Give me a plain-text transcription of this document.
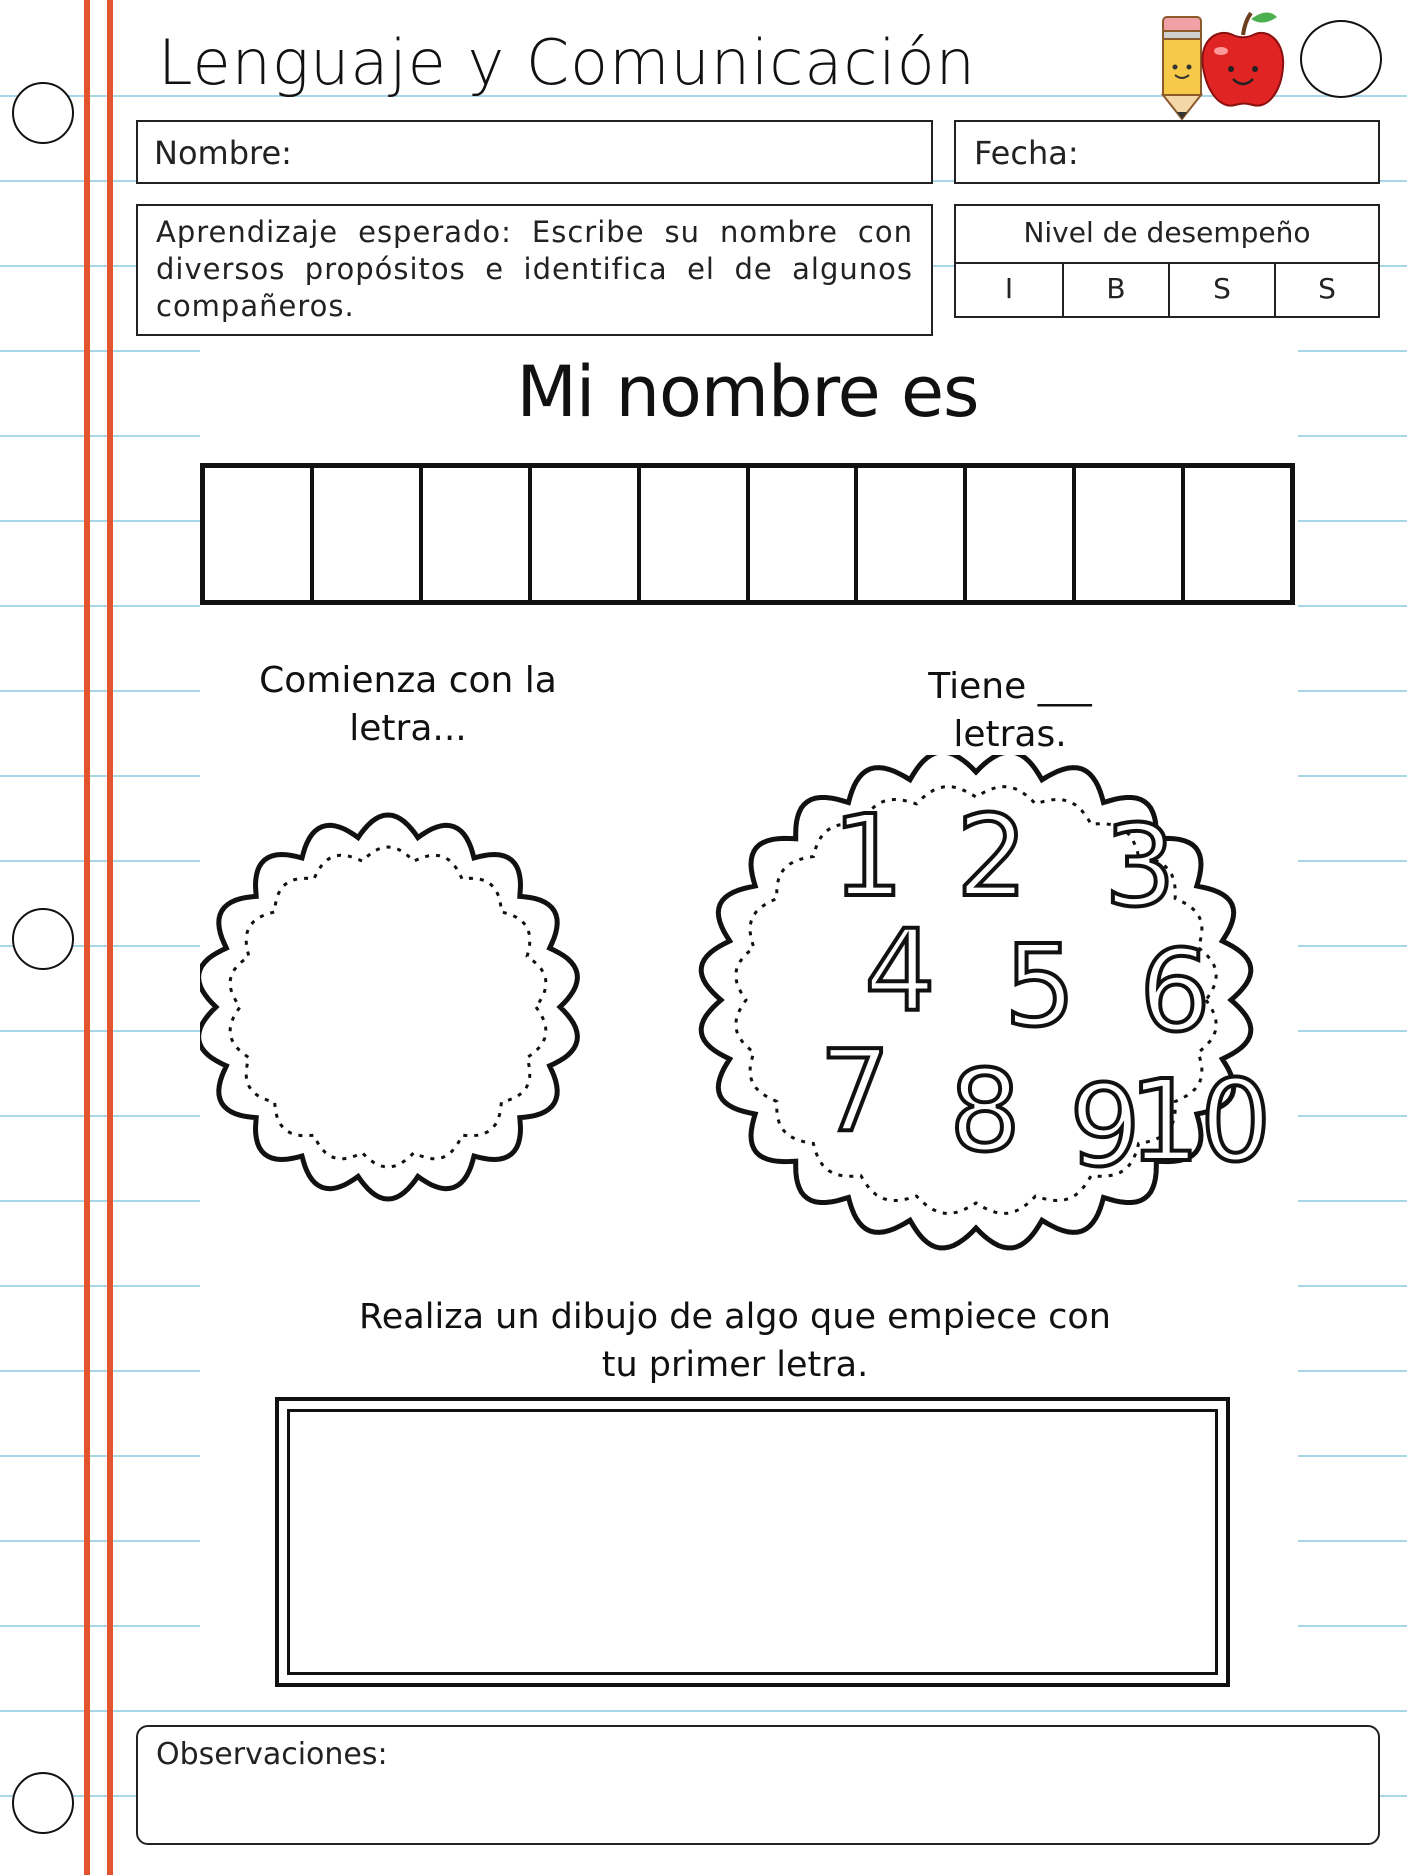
Lenguaje y Comunicación
Nombre:	Fecha:
Aprendizaje esperado: Escribe su nombre con diversos propósitos e identifica el de algunos compañeros.
Nivel de desempeño
I	B	S	S
Mi nombre es
Comienza con la
letra...
Tiene ___
letras.
1 2 3
4 5 6
7 8 9
10
Realiza un dibujo de algo que empiece con
tu primer letra.
Observaciones:
